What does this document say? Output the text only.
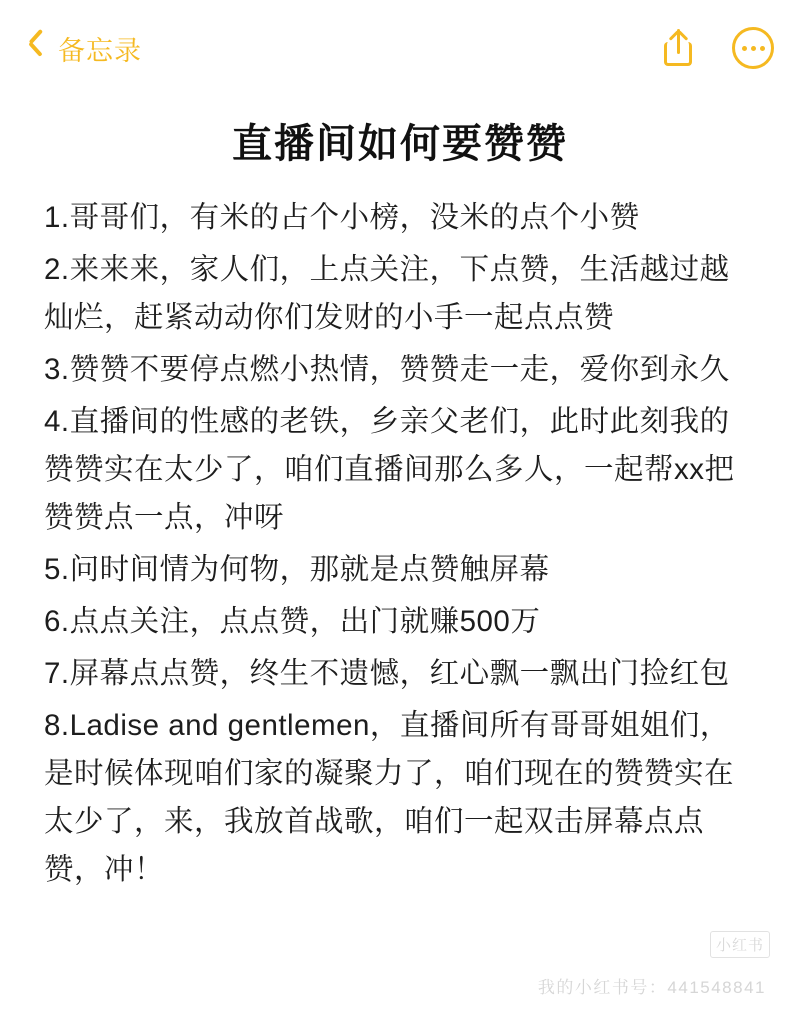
备忘录
直播间如何要赞赞

1.哥哥们，有米的占个小榜，没米的点个小赞

2.来来来，家人们，上点关注，下点赞，生活越过越灿烂，赶紧动动你们发财的小手一起点点赞

3.赞赞不要停点燃小热情，赞赞走一走，爱你到永久

4.直播间的性感的老铁，乡亲父老们，此时此刻我的赞赞实在太少了，咱们直播间那么多人，一起帮xx把赞赞点一点，冲呀

5.问时间情为何物，那就是点赞触屏幕

6.点点关注，点点赞，出门就赚500万

7.屏幕点点赞，终生不遗憾，红心飘一飘出门捡红包

8.Ladise and gentlemen，直播间所有哥哥姐姐们，是时候体现咱们家的凝聚力了，咱们现在的赞赞实在太少了，来，我放首战歌，咱们一起双击屏幕点点赞，冲！

小红书
我的小红书号：441548841
